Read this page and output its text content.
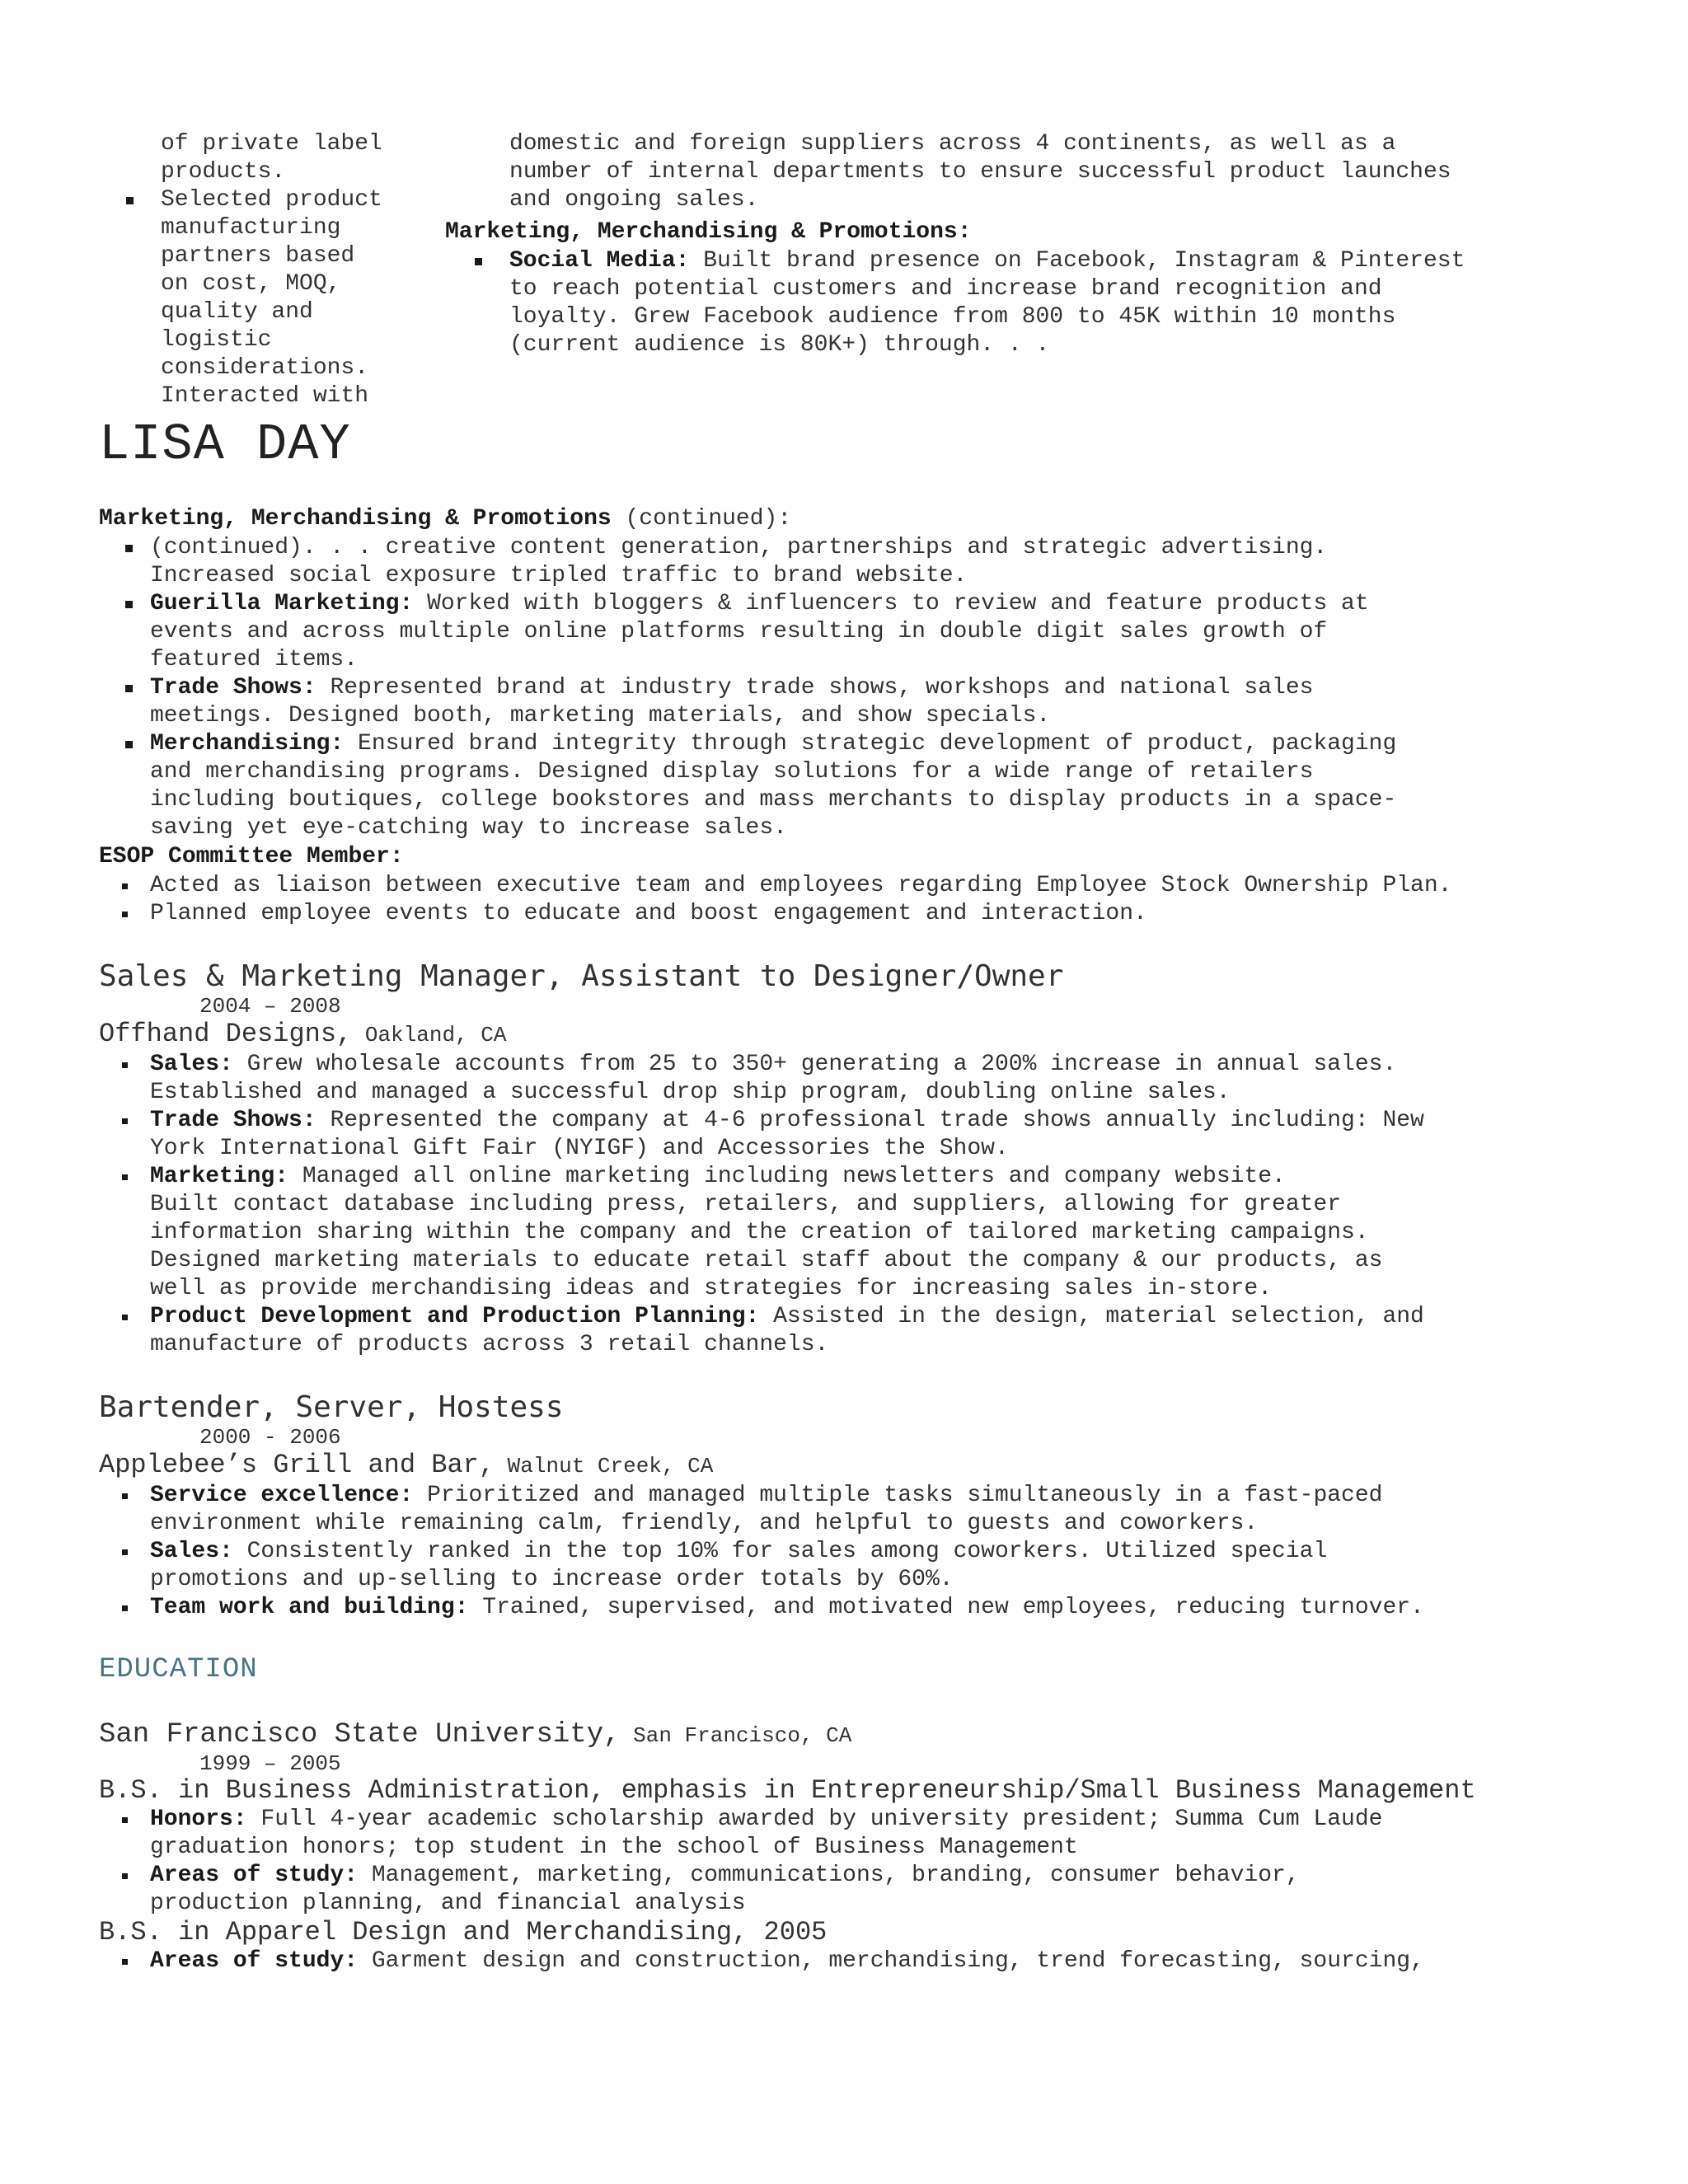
of private label
products.
Selected product
manufacturing
partners based
on cost, MOQ,
quality and
logistic
considerations.
Interacted with
domestic and foreign suppliers across 4 continents, as well as a
number of internal departments to ensure successful product launches
and ongoing sales.
Marketing, Merchandising & Promotions:
Social Media: Built brand presence on Facebook, Instagram & Pinterest
to reach potential customers and increase brand recognition and
loyalty. Grew Facebook audience from 800 to 45K within 10 months
(current audience is 80K+) through. . .
LISA DAY
Marketing, Merchandising & Promotions (continued):
(continued). . . creative content generation, partnerships and strategic advertising.
Increased social exposure tripled traffic to brand website.
Guerilla Marketing: Worked with bloggers & influencers to review and feature products at
events and across multiple online platforms resulting in double digit sales growth of
featured items.
Trade Shows: Represented brand at industry trade shows, workshops and national sales
meetings. Designed booth, marketing materials, and show specials.
Merchandising: Ensured brand integrity through strategic development of product, packaging
and merchandising programs. Designed display solutions for a wide range of retailers
including boutiques, college bookstores and mass merchants to display products in a space-
saving yet eye-catching way to increase sales.
ESOP Committee Member:
Acted as liaison between executive team and employees regarding Employee Stock Ownership Plan.
Planned employee events to educate and boost engagement and interaction.
Sales & Marketing Manager, Assistant to Designer/Owner
2004 – 2008
Offhand Designs, Oakland, CA
Sales: Grew wholesale accounts from 25 to 350+ generating a 200% increase in annual sales.
Established and managed a successful drop ship program, doubling online sales.
Trade Shows: Represented the company at 4-6 professional trade shows annually including: New
York International Gift Fair (NYIGF) and Accessories the Show.
Marketing: Managed all online marketing including newsletters and company website.
Built contact database including press, retailers, and suppliers, allowing for greater
information sharing within the company and the creation of tailored marketing campaigns.
Designed marketing materials to educate retail staff about the company & our products, as
well as provide merchandising ideas and strategies for increasing sales in-store.
Product Development and Production Planning: Assisted in the design, material selection, and
manufacture of products across 3 retail channels.
Bartender, Server, Hostess
2000 - 2006
Applebee’s Grill and Bar, Walnut Creek, CA
Service excellence: Prioritized and managed multiple tasks simultaneously in a fast-paced
environment while remaining calm, friendly, and helpful to guests and coworkers.
Sales: Consistently ranked in the top 10% for sales among coworkers. Utilized special
promotions and up-selling to increase order totals by 60%.
Team work and building: Trained, supervised, and motivated new employees, reducing turnover.
EDUCATION
San Francisco State University, San Francisco, CA
1999 – 2005
B.S. in Business Administration, emphasis in Entrepreneurship/Small Business Management
Honors: Full 4-year academic scholarship awarded by university president; Summa Cum Laude
graduation honors; top student in the school of Business Management
Areas of study: Management, marketing, communications, branding, consumer behavior,
production planning, and financial analysis
B.S. in Apparel Design and Merchandising, 2005
Areas of study: Garment design and construction, merchandising, trend forecasting, sourcing,
